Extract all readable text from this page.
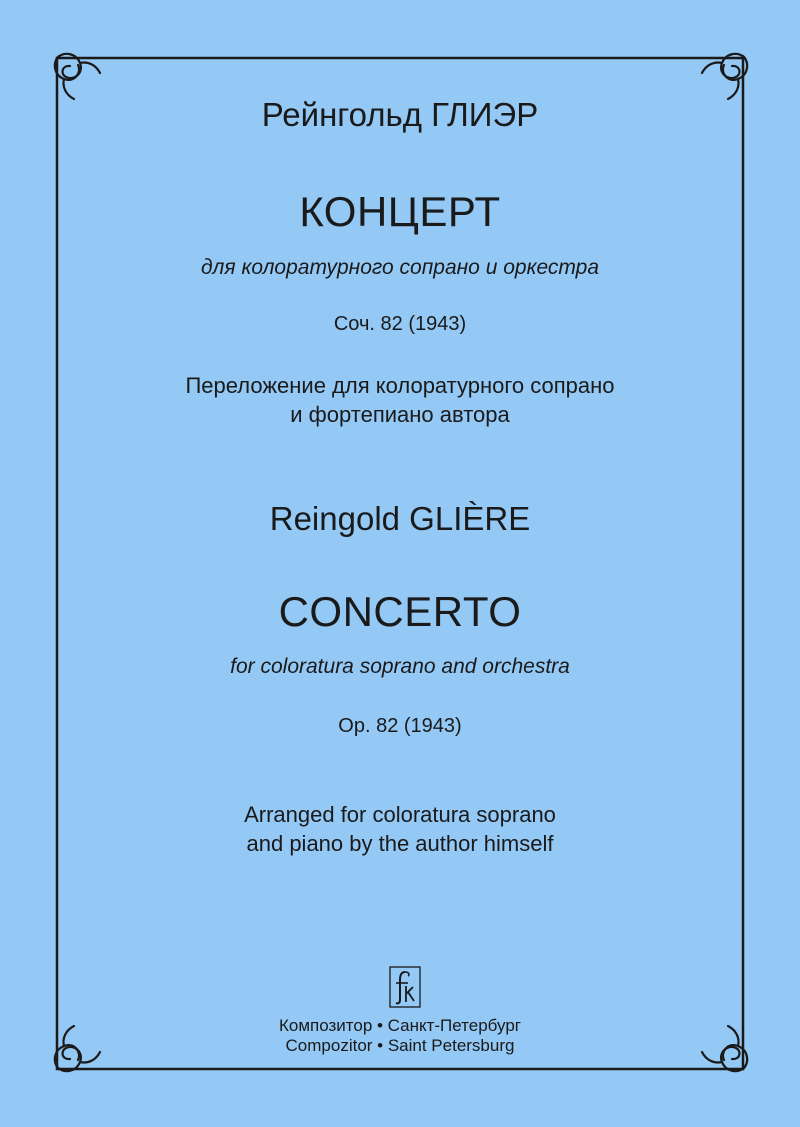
Рейнгольд ГЛИЭР
КОНЦЕРТ
для колоратурного сопрано и оркестра
Соч. 82 (1943)
Переложение для колоратурного сопрано
и фортепиано автора
Reingold GLIÈRE
CONCERTO
for coloratura soprano and orchestra
Op. 82 (1943)
Arranged for coloratura soprano
and piano by the author himself
Композитор • Санкт-Петербург
Compozitor • Saint Petersburg
